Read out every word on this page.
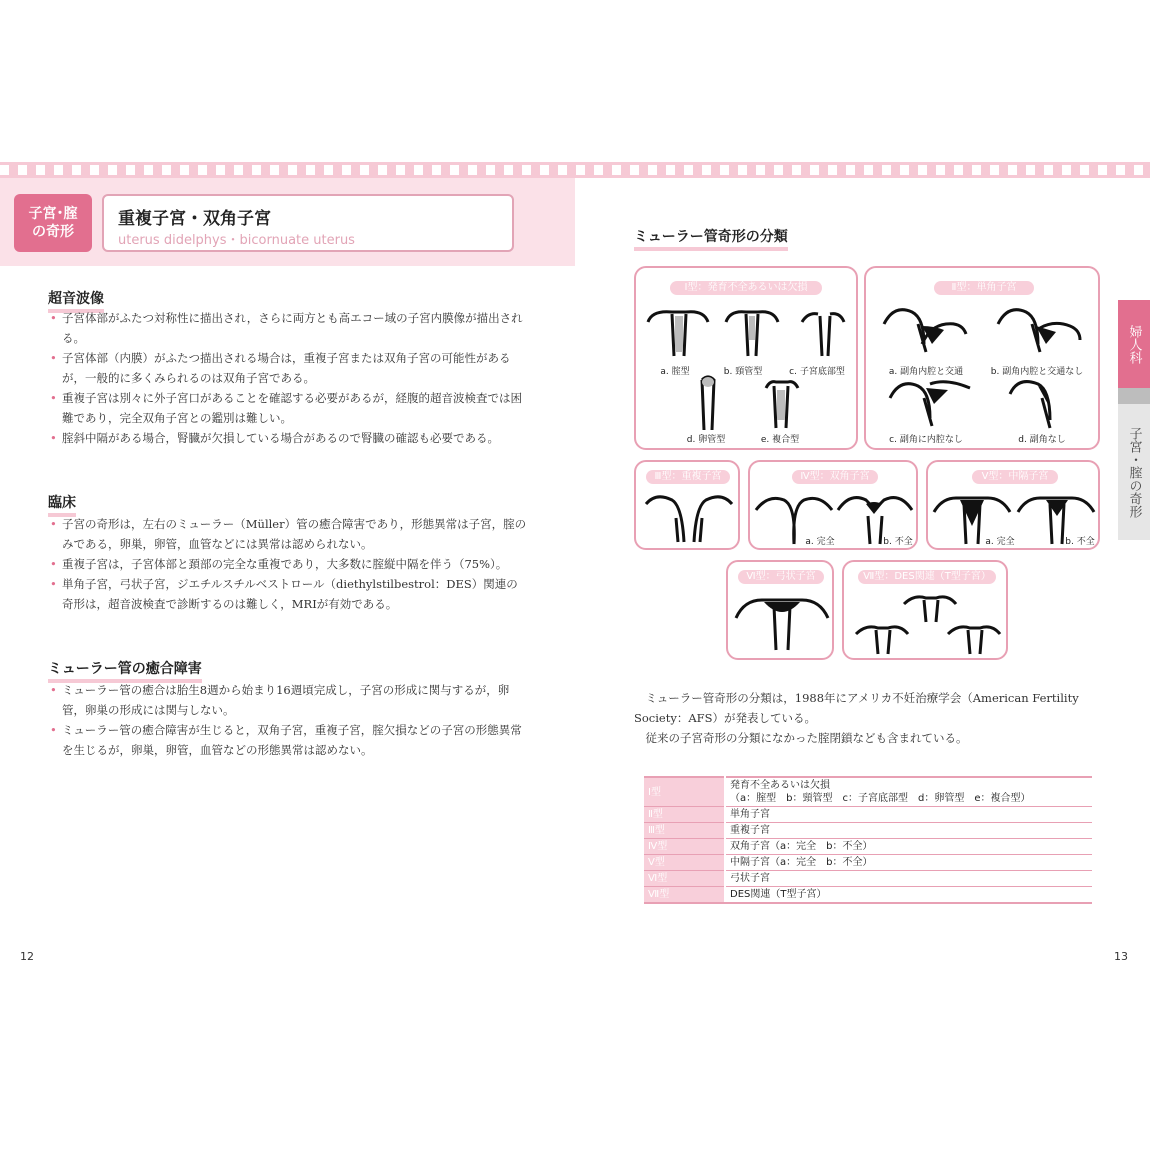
子宮･腟の奇形
重複子宮・双角子宮
uterus didelphys・bicornuate uterus
超音波像
• 子宮体部がふたつ対称性に描出され，さらに両方とも高エコー域の子宮内膜像が描出される。
• 子宮体部（内膜）がふたつ描出される場合は，重複子宮または双角子宮の可能性があるが，一般的に多くみられるのは双角子宮である。
• 重複子宮は別々に外子宮口があることを確認する必要があるが，経腹的超音波検査では困難であり，完全双角子宮との鑑別は難しい。
• 腟斜中隔がある場合，腎臓が欠損している場合があるので腎臓の確認も必要である。
臨床
• 子宮の奇形は，左右のミューラー（Müller）管の癒合障害であり，形態異常は子宮，腟のみである，卵巣，卵管，血管などには異常は認められない。
• 重複子宮は，子宮体部と頚部の完全な重複であり，大多数に腟縦中隔を伴う（75%）。
• 単角子宮，弓状子宮，ジエチルスチルベストロール（diethylstilbestrol：DES）関連の奇形は，超音波検査で診断するのは難しく，MRIが有効である。
ミューラー管の癒合障害
• ミューラー管の癒合は胎生8週から始まり16週頃完成し，子宮の形成に関与するが，卵管，卵巣の形成には関与しない。
• ミューラー管の癒合障害が生じると，双角子宮，重複子宮，腟欠損などの子宮の形態異常を生じるが，卵巣，卵管，血管などの形態異常は認めない。
12
ミューラー管奇形の分類
婦人科
子宮・腟の奇形
Ⅰ型：発育不全あるいは欠損
a. 腟型	b. 頸管型	c. 子宮底部型
d. 卵管型	e. 複合型
Ⅱ型：単角子宮
a. 副角内腔と交通	b. 副角内腔と交通なし
c. 副角に内腔なし	d. 副角なし
Ⅲ型：重複子宮	Ⅳ型：双角子宮
a. 完全	b. 不全
Ⅴ型：中隔子宮
a. 完全	b. 不全
Ⅵ型：弓状子宮	Ⅶ型：DES関連（T型子宮）
ミューラー管奇形の分類は，1988年にアメリカ不妊治療学会（American Fertility Society：AFS）が発表している。
従来の子宮奇形の分類になかった腟閉鎖なども含まれている。
Ⅰ型	発育不全あるいは欠損
（a：腟型　b：頸管型　c：子宮底部型　d：卵管型　e：複合型）

Ⅱ型	単角子宮
Ⅲ型	重複子宮
Ⅳ型	双角子宮（a：完全　b：不全）
Ⅴ型	中隔子宮（a：完全　b：不全）
Ⅵ型	弓状子宮
Ⅶ型	DES関連（T型子宮）
13
